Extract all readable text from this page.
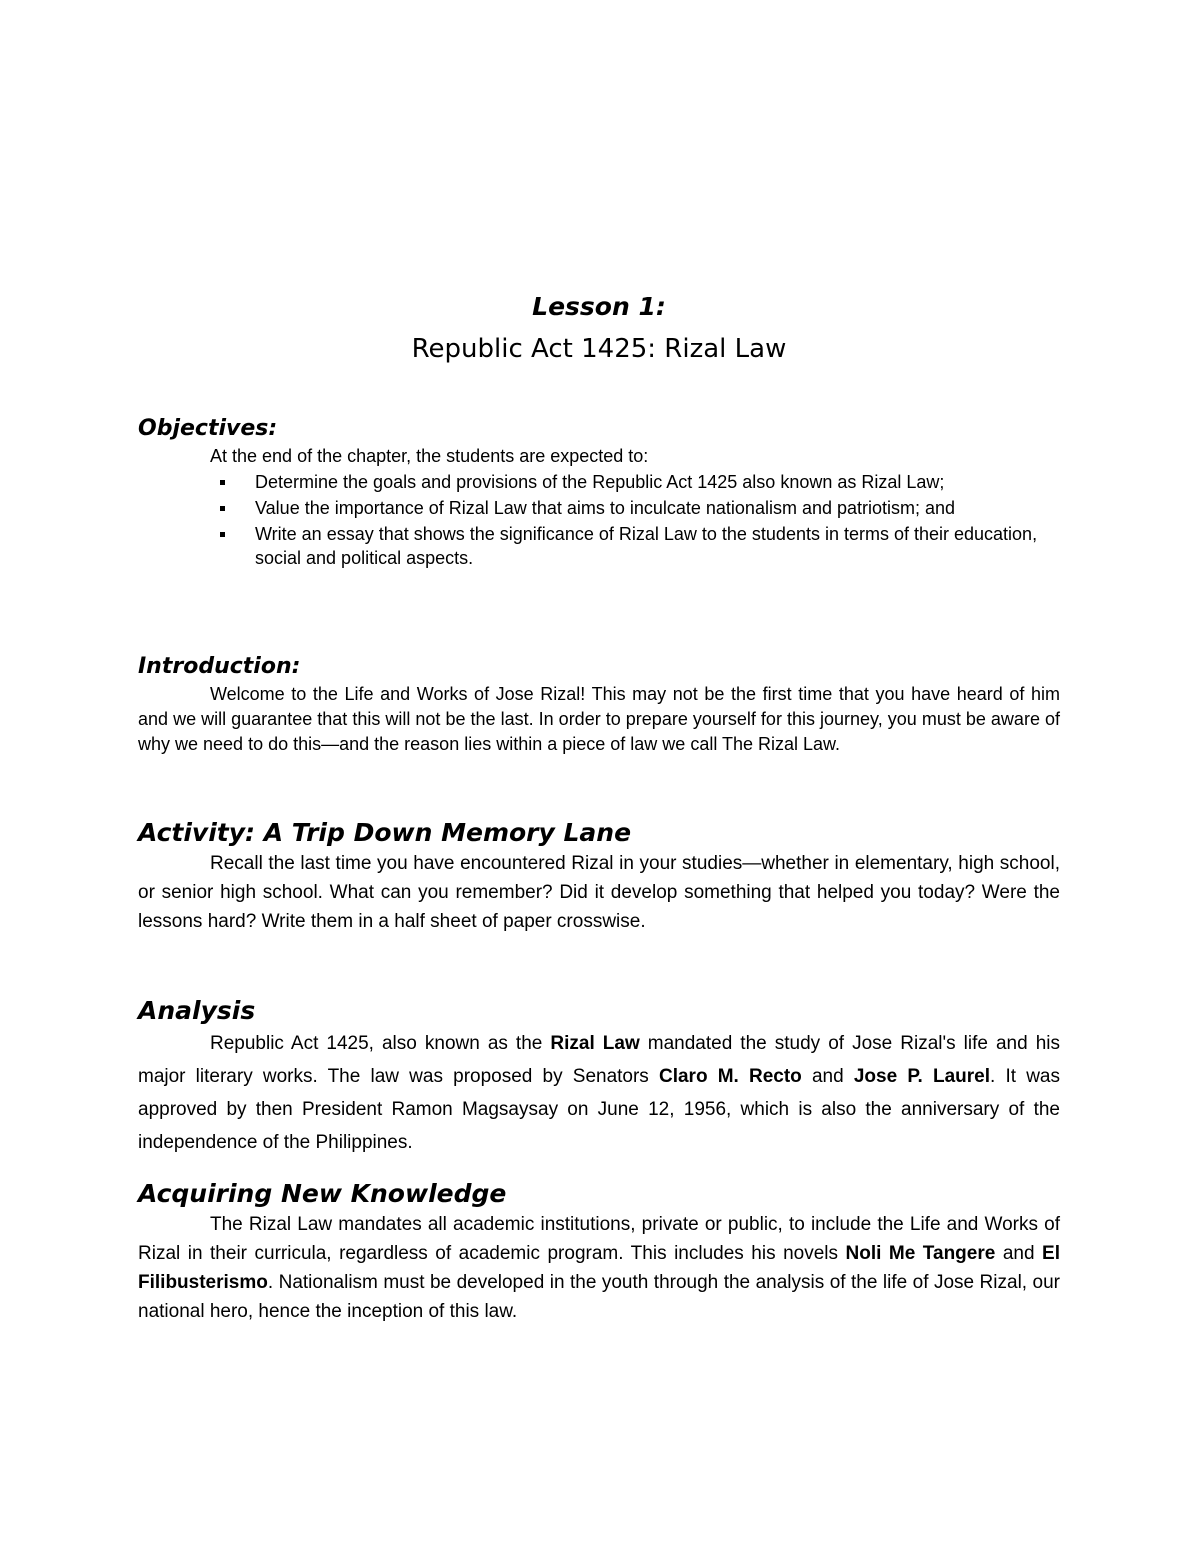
Lesson 1:

Republic Act 1425: Rizal Law

Objectives:

At the end of the chapter, the students are expected to:

Determine the goals and provisions of the Republic Act 1425 also known as Rizal Law;
Value the importance of Rizal Law that aims to inculcate nationalism and patriotism; and
Write an essay that shows the significance of Rizal Law to the students in terms of their education, social and political aspects.

Introduction:

Welcome to the Life and Works of Jose Rizal! This may not be the first time that you have heard of him and we will guarantee that this will not be the last. In order to prepare yourself for this journey, you must be aware of why we need to do this—and the reason lies within a piece of law we call The Rizal Law.

Activity: A Trip Down Memory Lane

Recall the last time you have encountered Rizal in your studies—whether in elementary, high school, or senior high school. What can you remember? Did it develop something that helped you today? Were the lessons hard? Write them in a half sheet of paper crosswise.

Analysis

Republic Act 1425, also known as the Rizal Law mandated the study of Jose Rizal's life and his major literary works. The law was proposed by Senators Claro M. Recto and Jose P. Laurel. It was approved by then President Ramon Magsaysay on June 12, 1956, which is also the anniversary of the independence of the Philippines.

Acquiring New Knowledge

The Rizal Law mandates all academic institutions, private or public, to include the Life and Works of Rizal in their curricula, regardless of academic program. This includes his novels Noli Me Tangere and El Filibusterismo. Nationalism must be developed in the youth through the analysis of the life of Jose Rizal, our national hero, hence the inception of this law.
